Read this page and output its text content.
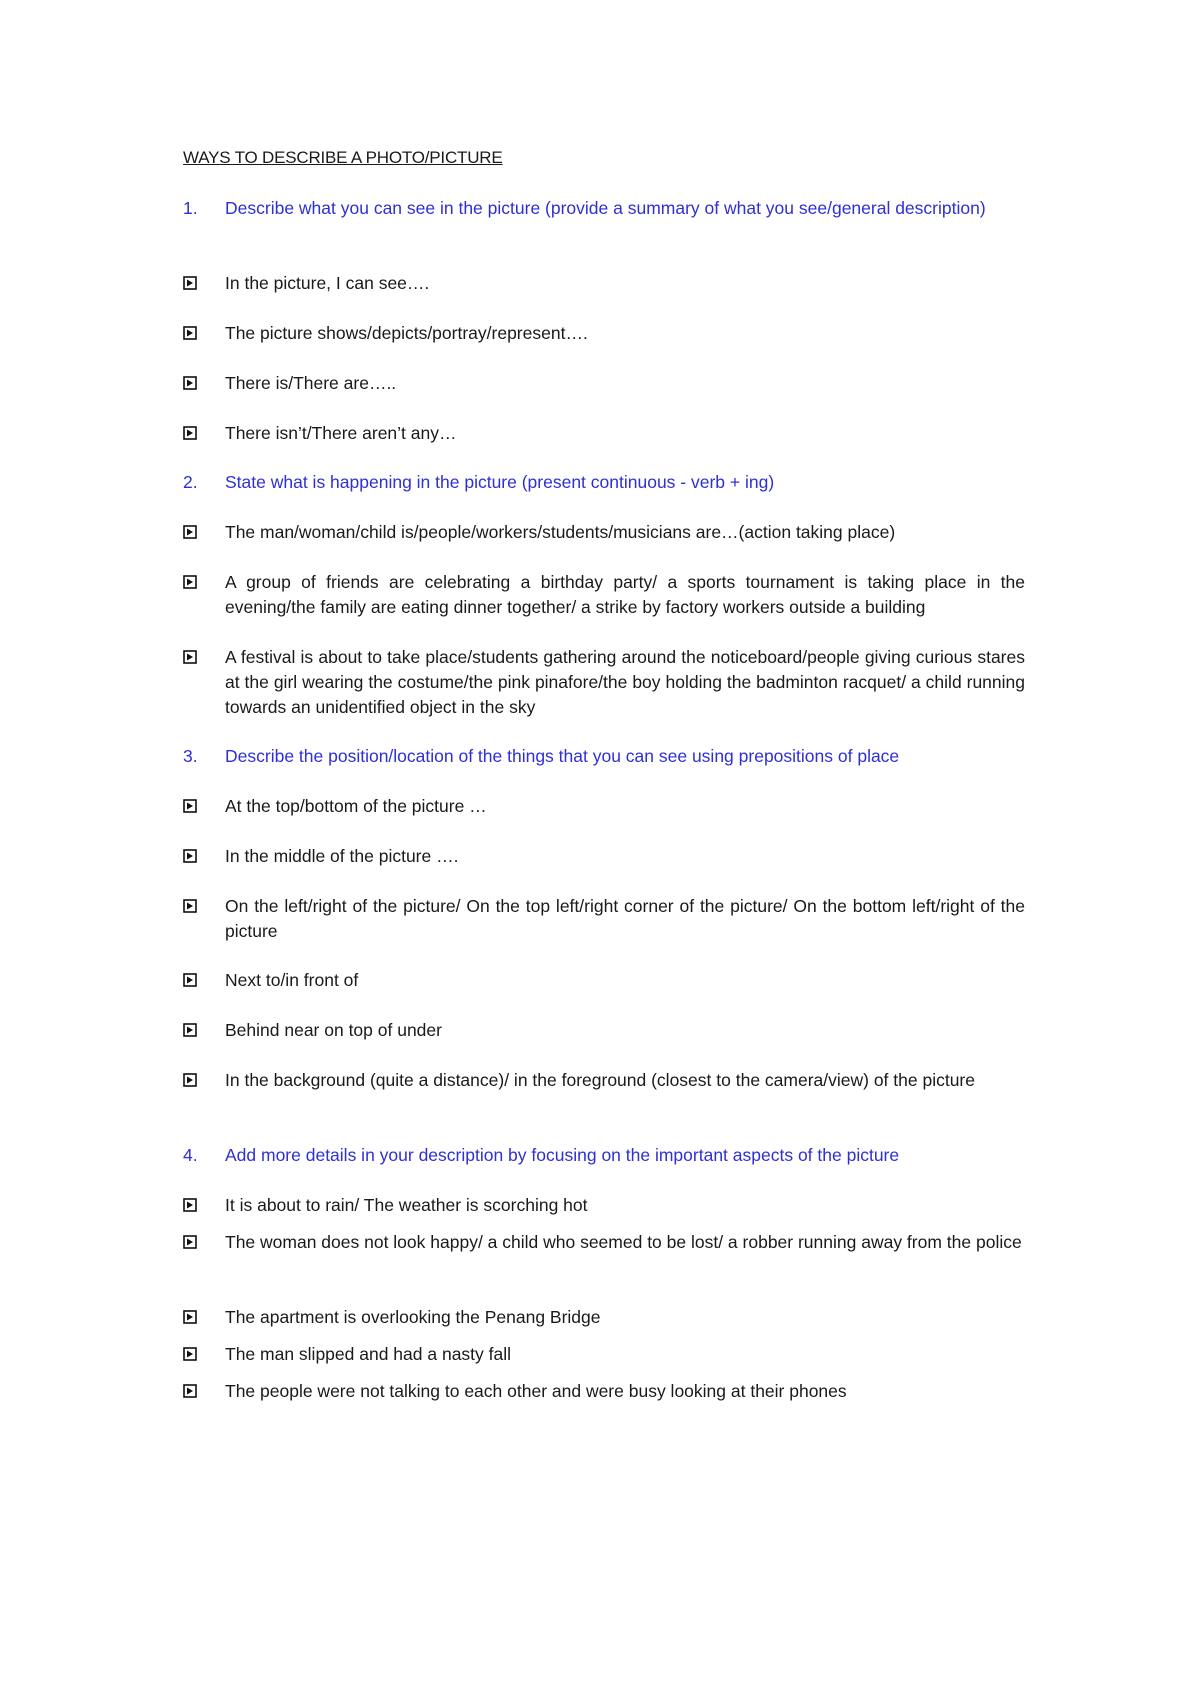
WAYS TO DESCRIBE A PHOTO/PICTURE
1. Describe what you can see in the picture (provide a summary of what you see/general description)
In the picture, I can see….
The picture shows/depicts/portray/represent….
There is/There are…..
There isn’t/There aren’t any…
2. State what is happening in the picture (present continuous - verb + ing)
The man/woman/child is/people/workers/students/musicians are…(action taking place)
A group of friends are celebrating a birthday party/ a sports tournament is taking place in the evening/the family are eating dinner together/ a strike by factory workers outside a building
A festival is about to take place/students gathering around the noticeboard/people giving curious stares at the girl wearing the costume/the pink pinafore/the boy holding the badminton racquet/ a child running towards an unidentified object in the sky
3. Describe the position/location of the things that you can see using prepositions of place
At the top/bottom of the picture …
In the middle of the picture ….
On the left/right of the picture/ On the top left/right corner of the picture/ On the bottom left/right of the picture
Next to/in front of
Behind near on top of under
In the background (quite a distance)/ in the foreground (closest to the camera/view) of the picture
4. Add more details in your description by focusing on the important aspects of the picture
It is about to rain/ The weather is scorching hot
The woman does not look happy/ a child who seemed to be lost/ a robber running away from the police
The apartment is overlooking the Penang Bridge
The man slipped and had a nasty fall
The people were not talking to each other and were busy looking at their phones
